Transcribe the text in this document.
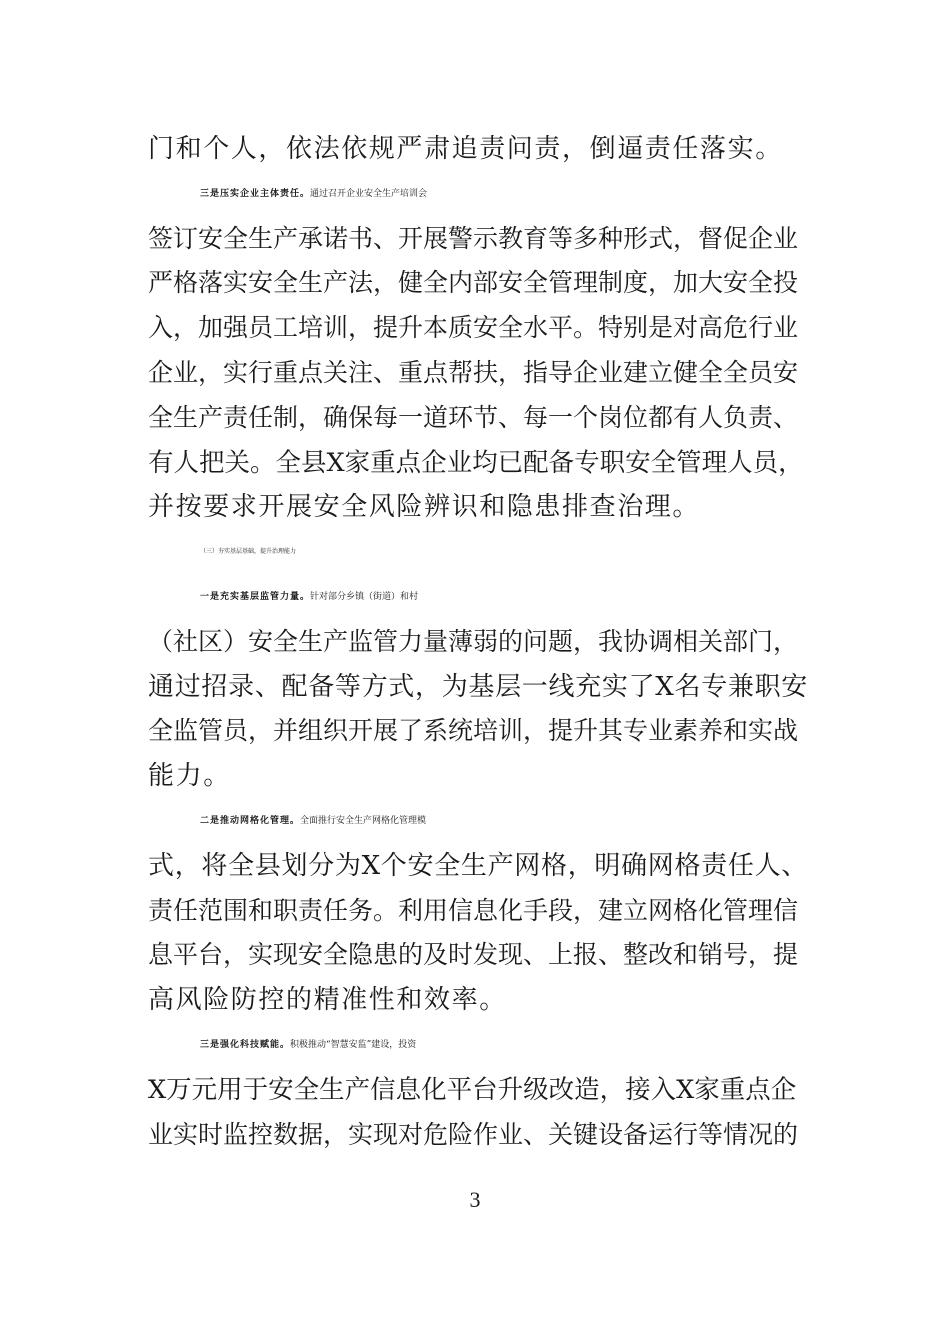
门和个人，依法依规严肃追责问责，倒逼责任落实。
三是压实企业主体责任。通过召开企业安全生产培训会
签订安全生产承诺书、开展警示教育等多种形式，督促企业
严格落实安全生产法，健全内部安全管理制度，加大安全投
入，加强员工培训，提升本质安全水平。特别是对高危行业
企业，实行重点关注、重点帮扶，指导企业建立健全全员安
全生产责任制，确保每一道环节、每一个岗位都有人负责、
有人把关。全县X家重点企业均已配备专职安全管理人员，
并按要求开展安全风险辨识和隐患排查治理。
（三）夯实基层基础，提升治理能力
一是充实基层监管力量。针对部分乡镇（街道）和村
（社区）安全生产监管力量薄弱的问题，我协调相关部门，
通过招录、配备等方式，为基层一线充实了X名专兼职安
全监管员，并组织开展了系统培训，提升其专业素养和实战
能力。
二是推动网格化管理。全面推行安全生产网格化管理模
式，将全县划分为X个安全生产网格，明确网格责任人、
责任范围和职责任务。利用信息化手段，建立网格化管理信
息平台，实现安全隐患的及时发现、上报、整改和销号，提
高风险防控的精准性和效率。
三是强化科技赋能。积极推动“智慧安监”建设，投资
X万元用于安全生产信息化平台升级改造，接入X家重点企
业实时监控数据，实现对危险作业、关键设备运行等情况的
3
